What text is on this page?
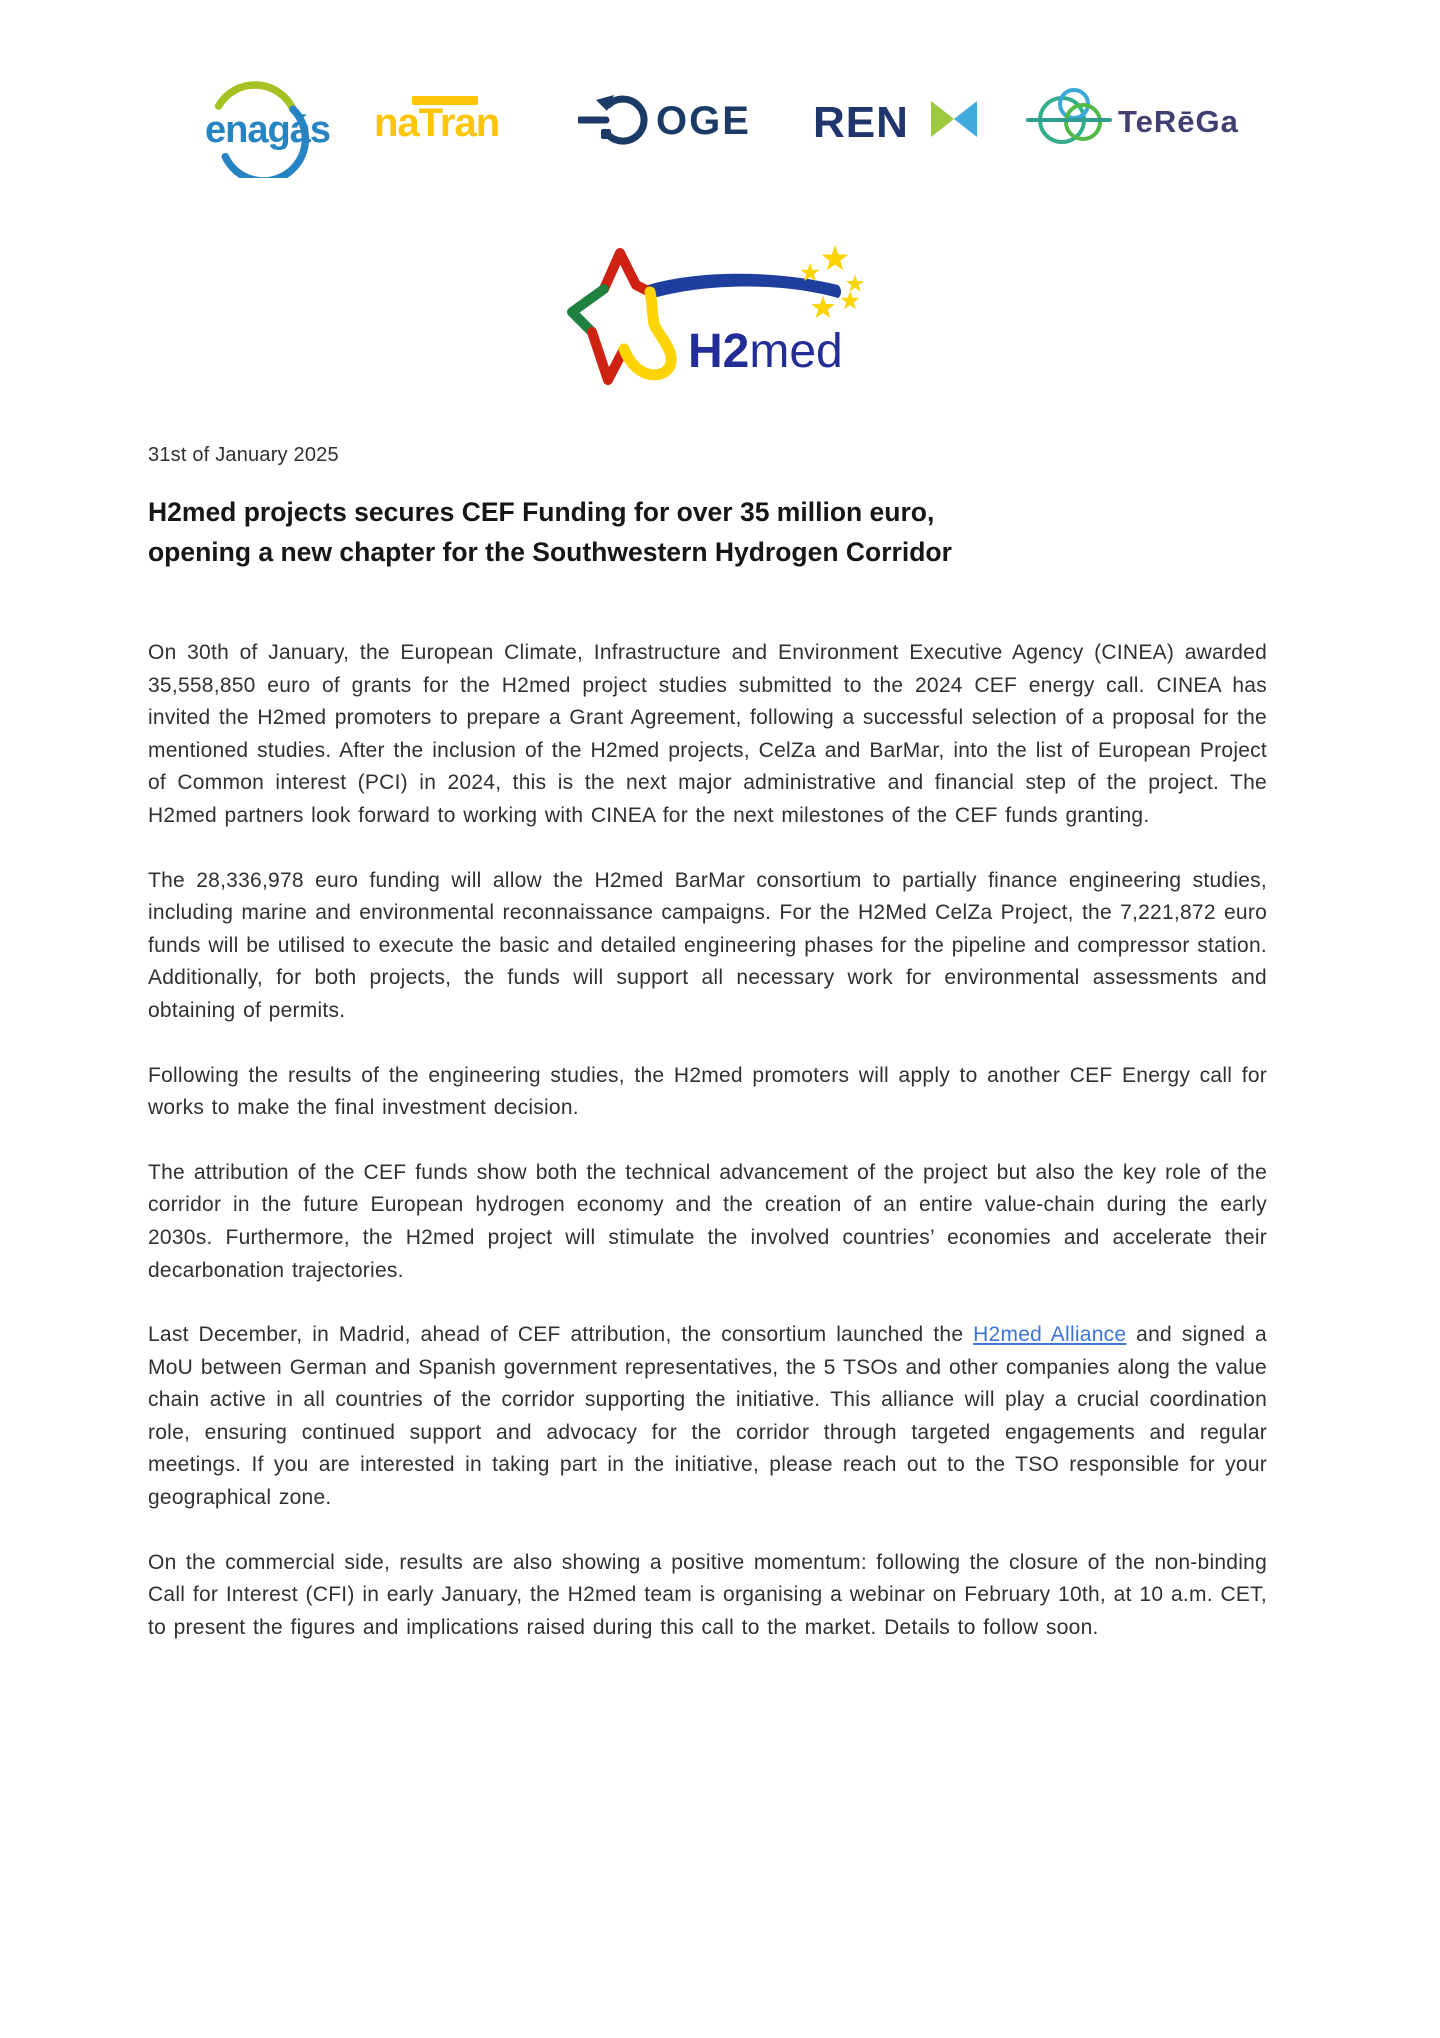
enagás naTran	OGE REN	TeRēGa
H2med
31st of January 2025
H2med projects secures CEF Funding for over 35 million euro,
opening a new chapter for the Southwestern Hydrogen Corridor

On 30th of January, the European Climate, Infrastructure and Environment Executive Agency (CINEA) awarded 35,558,850 euro of grants for the H2med project studies submitted to the 2024 CEF energy call. CINEA has invited the H2med promoters to prepare a Grant Agreement, following a successful selection of a proposal for the mentioned studies. After the inclusion of the H2med projects, CelZa and BarMar, into the list of European Project of Common interest (PCI) in 2024, this is the next major administrative and financial step of the project. The H2med partners look forward to working with CINEA for the next milestones of the CEF funds granting.

The 28,336,978 euro funding will allow the H2med BarMar consortium to partially finance engineering studies, including marine and environmental reconnaissance campaigns. For the H2Med CelZa Project, the 7,221,872 euro funds will be utilised to execute the basic and detailed engineering phases for the pipeline and compressor station. Additionally, for both projects, the funds will support all necessary work for environmental assessments and obtaining of permits.

Following the results of the engineering studies, the H2med promoters will apply to another CEF Energy call for works to make the final investment decision.

The attribution of the CEF funds show both the technical advancement of the project but also the key role of the corridor in the future European hydrogen economy and the creation of an entire value-chain during the early 2030s. Furthermore, the H2med project will stimulate the involved countries’ economies and accelerate their decarbonation trajectories.

Last December, in Madrid, ahead of CEF attribution, the consortium launched the H2med Alliance and signed a MoU between German and Spanish government representatives, the 5 TSOs and other companies along the value chain active in all countries of the corridor supporting the initiative. This alliance will play a crucial coordination role, ensuring continued support and advocacy for the corridor through targeted engagements and regular meetings. If you are interested in taking part in the initiative, please reach out to the TSO responsible for your geographical zone.

On the commercial side, results are also showing a positive momentum: following the closure of the non-binding Call for Interest (CFI) in early January, the H2med team is organising a webinar on February 10th, at 10 a.m. CET, to present the figures and implications raised during this call to the market. Details to follow soon.
